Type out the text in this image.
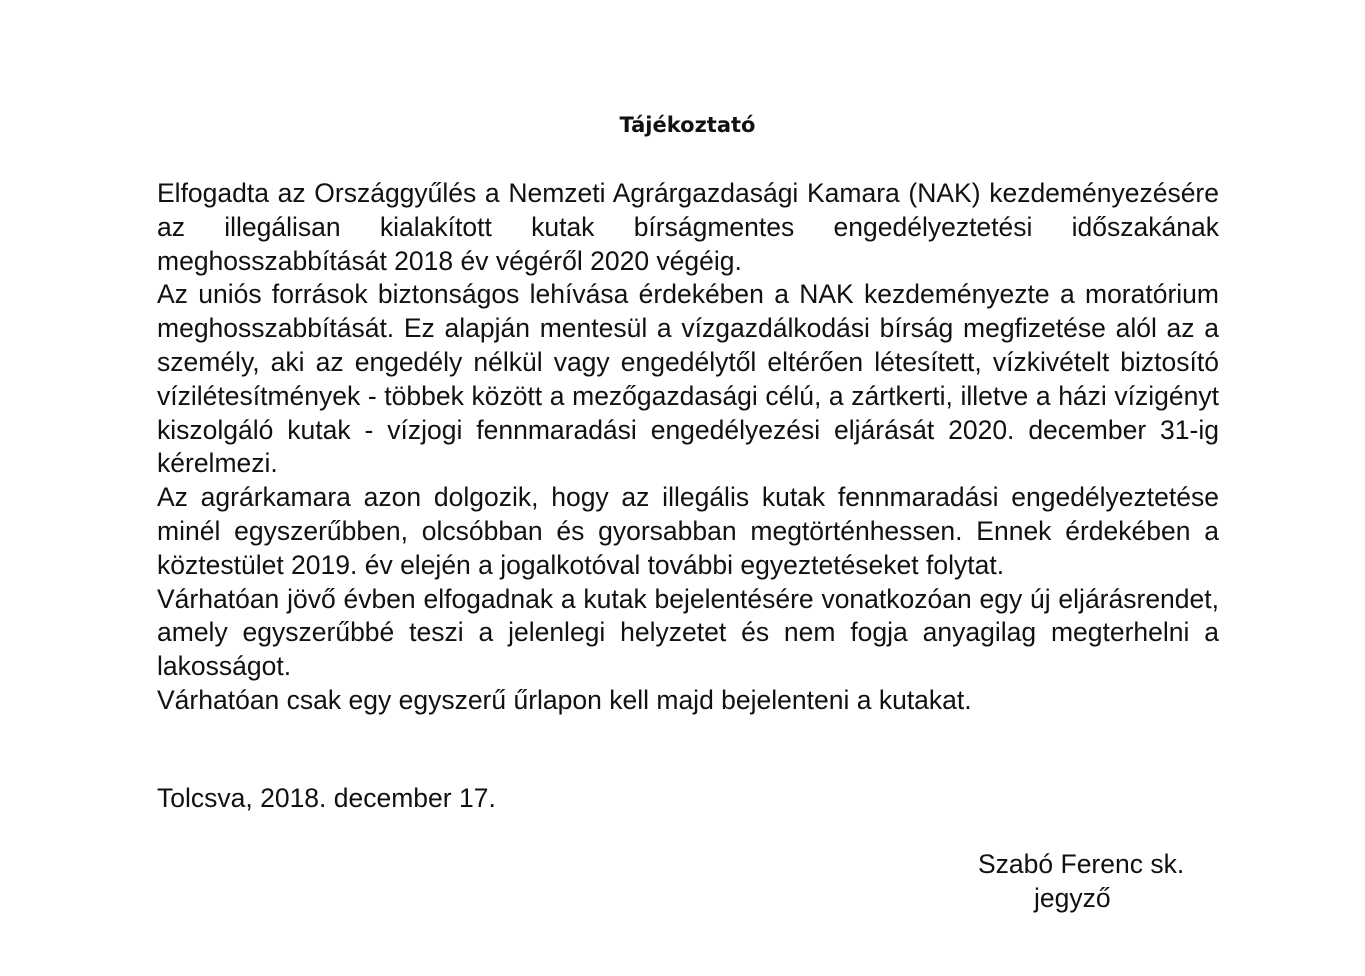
Tájékoztató

Elfogadta az Országgyűlés a Nemzeti Agrárgazdasági Kamara (NAK) kezdeményezésére az illegálisan kialakított kutak bírságmentes engedélyeztetési időszakának meghosszabbítását 2018 év végéről 2020 végéig.

Az uniós források biztonságos lehívása érdekében a NAK kezdeményezte a moratórium meghosszabbítását. Ez alapján mentesül a vízgazdálkodási bírság megfizetése alól az a személy, aki az engedély nélkül vagy engedélytől eltérően létesített, vízkivételt biztosító vízilétesítmények - többek között a mezőgazdasági célú, a zártkerti, illetve a házi vízigényt kiszolgáló kutak - vízjogi fennmaradási engedélyezési eljárását 2020. december 31-ig kérelmezi.

Az agrárkamara azon dolgozik, hogy az illegális kutak fennmaradási engedélyeztetése minél egyszerűbben, olcsóbban és gyorsabban megtörténhessen. Ennek érdekében a köztestület 2019. év elején a jogalkotóval további egyeztetéseket folytat.

Várhatóan jövő évben elfogadnak a kutak bejelentésére vonatkozóan egy új eljárásrendet, amely egyszerűbbé teszi a jelenlegi helyzetet és nem fogja anyagilag megterhelni a lakosságot.

Várhatóan csak egy egyszerű űrlapon kell majd bejelenteni a kutakat.

Tolcsva, 2018. december 17.
Szabó Ferenc sk.
jegyző
